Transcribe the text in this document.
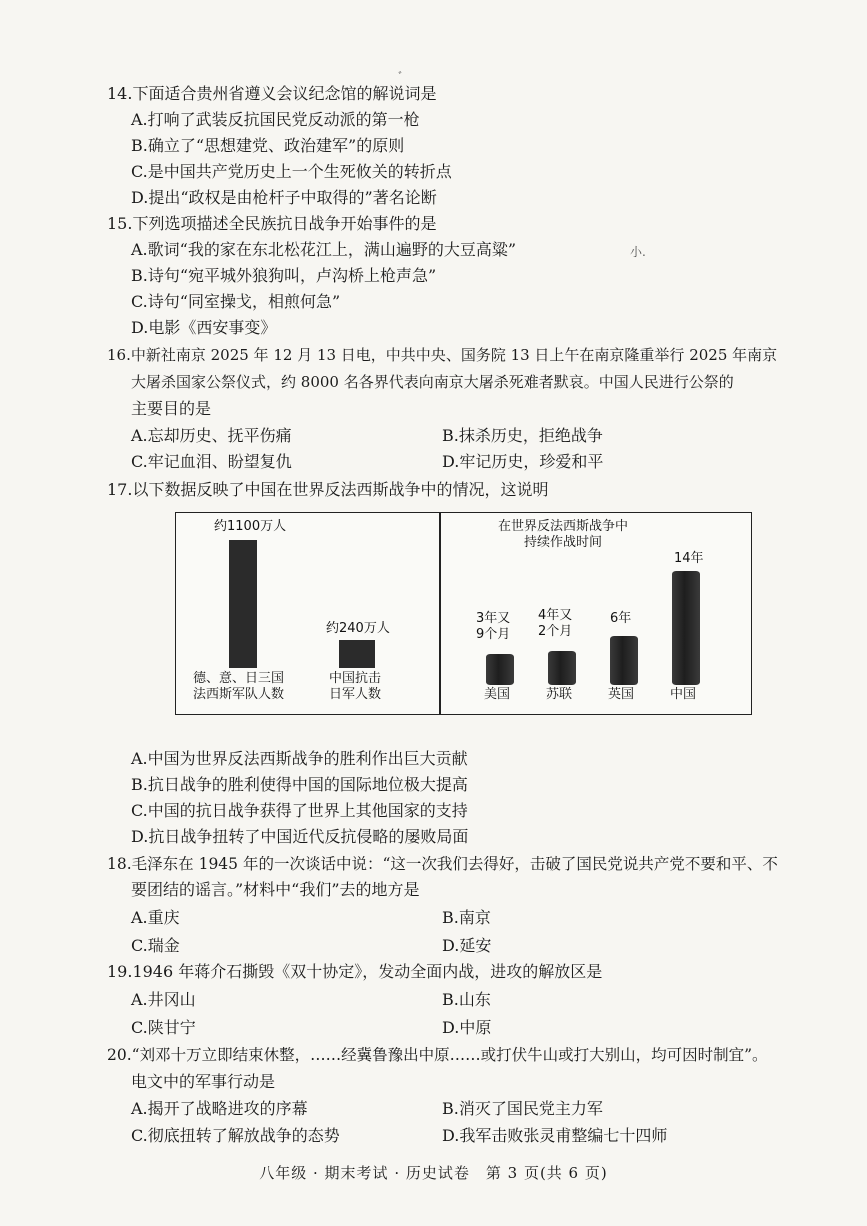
14.下面适合贵州省遵义会议纪念馆的解说词是
A.打响了武装反抗国民党反动派的第一枪
B.确立了“思想建党、政治建军”的原则
C.是中国共产党历史上一个生死攸关的转折点
D.提出“政权是由枪杆子中取得的”著名论断
15.下列选项描述全民族抗日战争开始事件的是
A.歌词“我的家在东北松花江上，满山遍野的大豆高粱”
B.诗句“宛平城外狼狗叫，卢沟桥上枪声急”
C.诗句“同室操戈，相煎何急”
D.电影《西安事变》
16.中新社南京 2025 年 12 月 13 日电，中共中央、国务院 13 日上午在南京隆重举行 2025 年南京
大屠杀国家公祭仪式，约 8000 名各界代表向南京大屠杀死难者默哀。中国人民进行公祭的
主要目的是
A.忘却历史、抚平伤痛	B.抹杀历史，拒绝战争
C.牢记血泪、盼望复仇	D.牢记历史，珍爱和平
17.以下数据反映了中国在世界反法西斯战争中的情况，这说明
约1100万人
约240万人
德、意、日三国
法西斯军队人数
中国抗击
日军人数
在世界反法西斯战争中
持续作战时间
3年又
9个月
4年又
2个月
6年
14年
美国	苏联	英国	中国
A.中国为世界反法西斯战争的胜利作出巨大贡献
B.抗日战争的胜利使得中国的国际地位极大提高
C.中国的抗日战争获得了世界上其他国家的支持
D.抗日战争扭转了中国近代反抗侵略的屡败局面
18.毛泽东在 1945 年的一次谈话中说：“这一次我们去得好，击破了国民党说共产党不要和平、不
要团结的谣言。”材料中“我们”去的地方是
A.重庆	B.南京
C.瑞金	D.延安
19.1946 年蒋介石撕毁《双十协定》，发动全面内战，进攻的解放区是
A.井冈山	B.山东
C.陕甘宁	D.中原
20.“刘邓十万立即结束休整，……经冀鲁豫出中原……或打伏牛山或打大别山，均可因时制宜”。
电文中的军事行动是
A.揭开了战略进攻的序幕	B.消灭了国民党主力军
C.彻底扭转了解放战争的态势	D.我军击败张灵甫整编七十四师
八年级 · 期末考试 · 历史试卷　第 3 页(共 6 页)
ﾞ
小.
